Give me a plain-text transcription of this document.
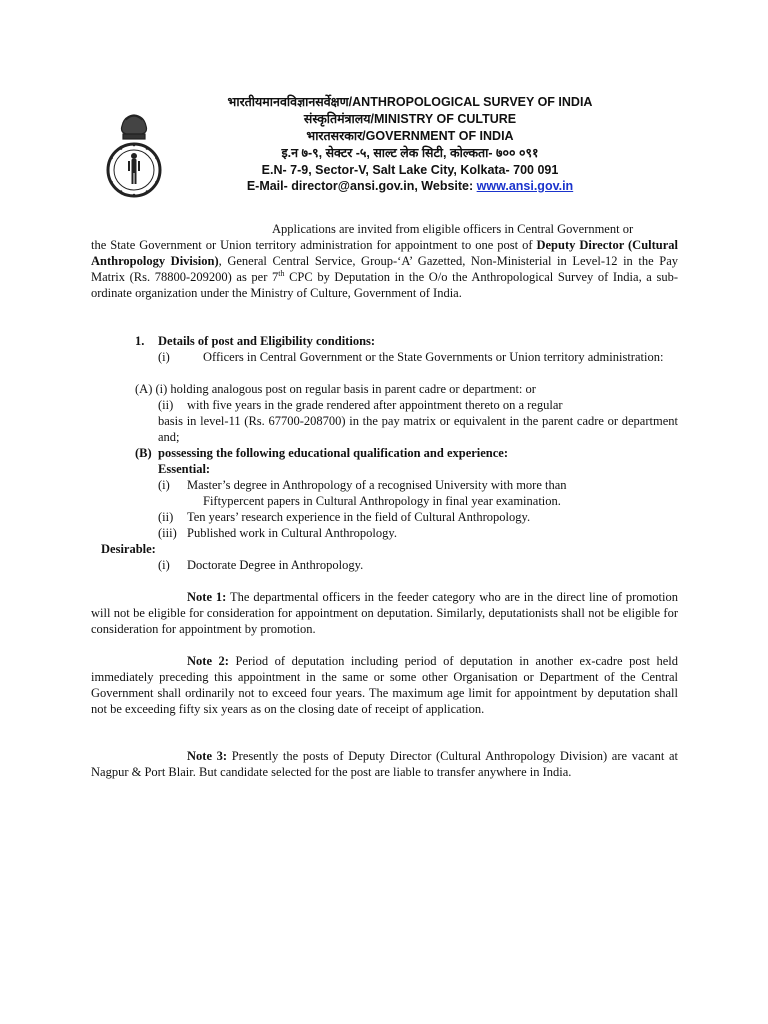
भारतीयमानवविज्ञानसर्वेक्षण/ANTHROPOLOGICAL SURVEY OF INDIA
संस्कृतिमंत्रालय/MINISTRY OF CULTURE
भारतसरकार/GOVERNMENT OF INDIA
इ.न ७-९, सेक्टर -५, साल्ट लेक सिटी, कोल्कता- ७०० ०९१
E.N- 7-9, Sector-V, Salt Lake City, Kolkata- 700 091
E-Mail- director@ansi.gov.in, Website: www.ansi.gov.in
Applications are invited from eligible officers in Central Government or
the State Government or Union territory administration for appointment to one post of Deputy Director (Cultural Anthropology Division), General Central Service, Group-‘A’ Gazetted, Non-Ministerial in Level-12 in the Pay Matrix (Rs. 78800-209200) as per 7th CPC by Deputation in the O/o the Anthropological Survey of India, a sub-ordinate organization under the Ministry of Culture, Government of India.
1. Details of post and Eligibility conditions:
(i)	Officers in Central Government or the State Governments or Union territory administration:
(A) (i) holding analogous post on regular basis in parent cadre or department: or
(ii) with five years in the grade rendered after appointment thereto on a regular
basis in level-11 (Rs. 67700-208700) in the pay matrix or equivalent in the parent cadre or department and;
(B) possessing the following educational qualification and experience:
Essential:
(i) Master’s degree in Anthropology of a recognised University with more than
Fiftypercent papers in Cultural Anthropology in final year examination.
(ii) Ten years’ research experience in the field of Cultural Anthropology.
(iii) Published work in Cultural Anthropology.
Desirable:
(i) Doctorate Degree in Anthropology.
Note 1: The departmental officers in the feeder category who are in the direct line of promotion will not be eligible for consideration for appointment on deputation. Similarly, deputationists shall not be eligible for consideration for appointment by promotion.
Note 2: Period of deputation including period of deputation in another ex-cadre post held immediately preceding this appointment in the same or some other Organisation or Department of the Central Government shall ordinarily not to exceed four years. The maximum age limit for appointment by deputation shall not be exceeding fifty six years as on the closing date of receipt of application.
Note 3: Presently the posts of Deputy Director (Cultural Anthropology Division) are vacant at Nagpur & Port Blair. But candidate selected for the post are liable to transfer anywhere in India.
